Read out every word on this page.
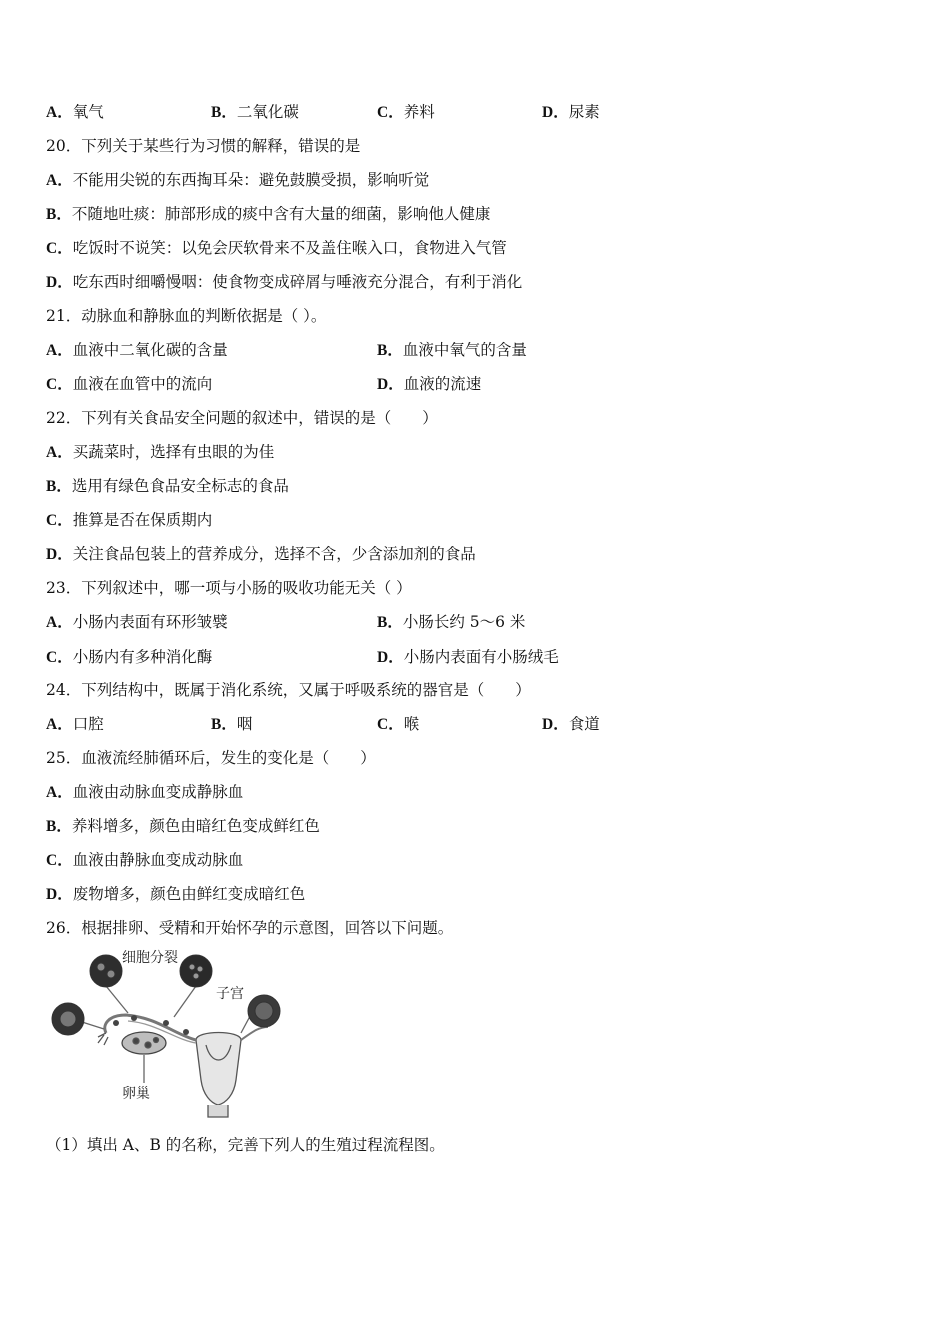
A．氧气	B．二氧化碳	C．养料	D．尿素
20．下列关于某些行为习惯的解释，错误的是
A．不能用尖锐的东西掏耳朵：避免鼓膜受损，影响听觉
B．不随地吐痰：肺部形成的痰中含有大量的细菌，影响他人健康
C．吃饭时不说笑：以免会厌软骨来不及盖住喉入口，食物进入气管
D．吃东西时细嚼慢咽：使食物变成碎屑与唾液充分混合，有利于消化
21．动脉血和静脉血的判断依据是（ ）。
A．血液中二氧化碳的含量	B．血液中氧气的含量
C．血液在血管中的流向	D．血液的流速
22．下列有关食品安全问题的叙述中，错误的是（　　）
A．买蔬菜时，选择有虫眼的为佳
B．选用有绿色食品安全标志的食品
C．推算是否在保质期内
D．关注食品包装上的营养成分，选择不含，少含添加剂的食品
23．下列叙述中，哪一项与小肠的吸收功能无关（ ）
A．小肠内表面有环形皱襞	B．小肠长约 5～6 米
C．小肠内有多种消化酶	D．小肠内表面有小肠绒毛
24．下列结构中，既属于消化系统，又属于呼吸系统的器官是（　　）
A．口腔	B．咽	C．喉	D．食道
25．血液流经肺循环后，发生的变化是（　　）
A．血液由动脉血变成静脉血
B．养料增多，颜色由暗红色变成鲜红色
C．血液由静脉血变成动脉血
D．废物增多，颜色由鲜红变成暗红色
26．根据排卵、受精和开始怀孕的示意图，回答以下问题。
细胞分裂
子宫
卵巢
（1）填出 A、B 的名称，完善下列人的生殖过程流程图。
